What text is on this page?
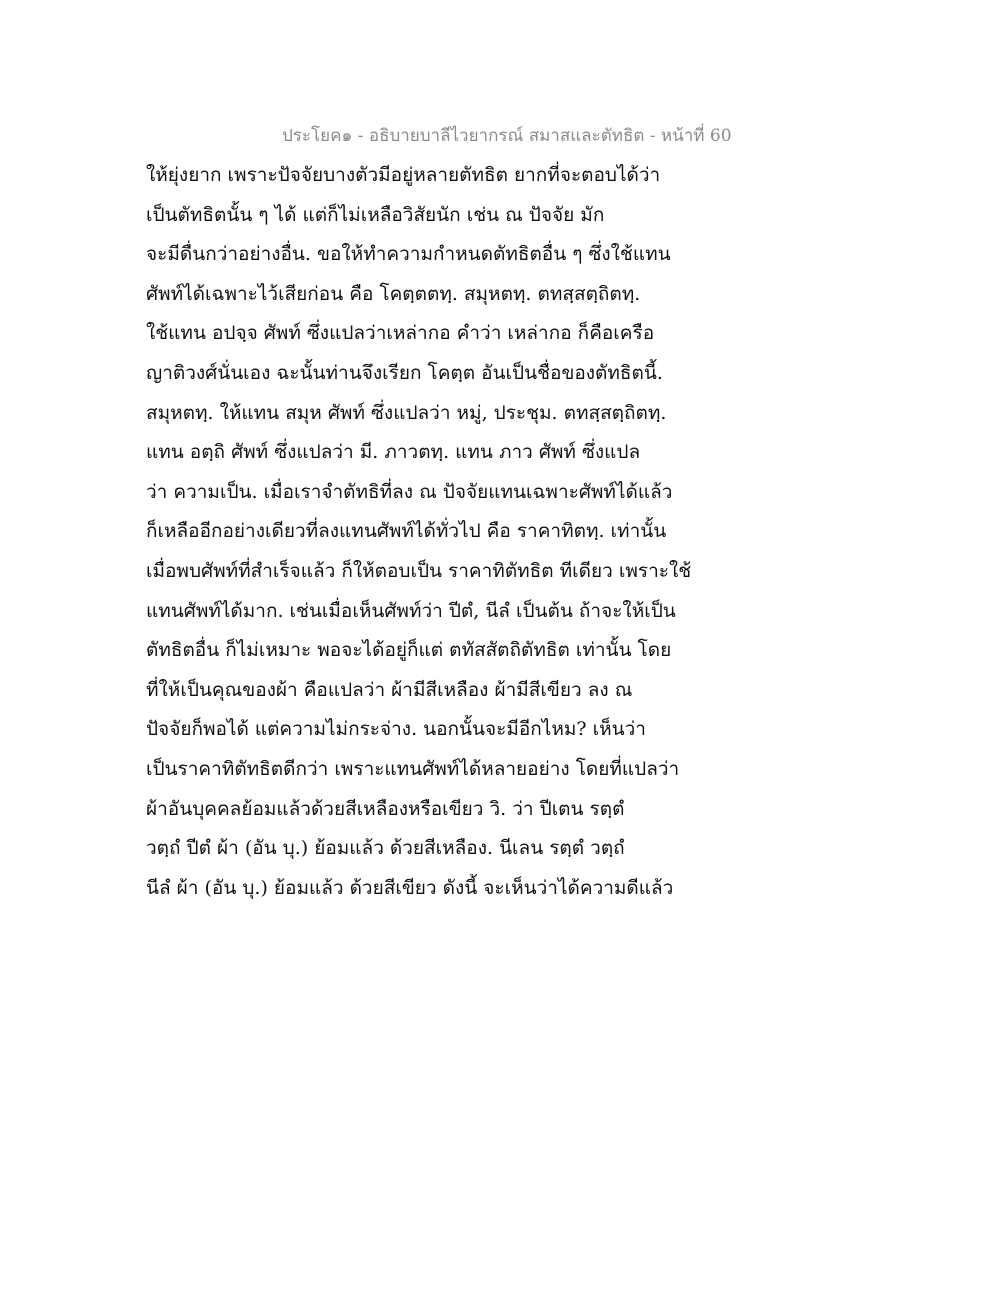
ประโยค๑ - อธิบายบาลีไวยากรณ์ สมาสและตัทธิต - หน้าที่ 60
ให้ยุ่งยาก เพราะปัจจัยบางตัวมีอยู่หลายตัทธิต ยากที่จะตอบได้ว่า
เป็นตัทธิตนั้น ๆ ได้ แต่ก็ไม่เหลือวิสัยนัก เช่น ณ ปัจจัย มัก
จะมีดื่นกว่าอย่างอื่น. ขอให้ทำความกำหนดตัทธิตอื่น ๆ ซึ่งใช้แทน
ศัพท์ได้เฉพาะไว้เสียก่อน คือ โคตฺตตทฺ. สมุหตทฺ. ตทสฺสตฺถิตทฺ.
ใช้แทน อปจฺจ ศัพท์ ซึ่งแปลว่าเหล่ากอ คำว่า เหล่ากอ ก็คือเครือ
ญาติวงศ์นั่นเอง ฉะนั้นท่านจึงเรียก โคตฺต อันเป็นชื่อของตัทธิตนี้.
สมุหตทฺ. ให้แทน สมุห ศัพท์ ซึ่งแปลว่า หมู่, ประชุม. ตทสฺสตฺถิตทฺ.
แทน อตฺถิ ศัพท์ ซึ่งแปลว่า มี. ภาวตทฺ. แทน ภาว ศัพท์ ซึ่งแปล
ว่า ความเป็น. เมื่อเราจำตัทธิที่ลง ณ ปัจจัยแทนเฉพาะศัพท์ได้แล้ว
ก็เหลืออีกอย่างเดียวที่ลงแทนศัพท์ได้ทั่วไป คือ ราคาทิตทฺ. เท่านั้น
เมื่อพบศัพท์ที่สำเร็จแล้ว ก็ให้ตอบเป็น ราคาทิตัทธิต ทีเดียว เพราะใช้
แทนศัพท์ได้มาก. เช่นเมื่อเห็นศัพท์ว่า ปีตํ, นีลํ เป็นต้น ถ้าจะให้เป็น
ตัทธิตอื่น ก็ไม่เหมาะ พอจะได้อยู่ก็แต่ ตทัสสัตถิตัทธิต เท่านั้น โดย
ที่ให้เป็นคุณของผ้า คือแปลว่า ผ้ามีสีเหลือง ผ้ามีสีเขียว ลง ณ
ปัจจัยก็พอได้ แต่ความไม่กระจ่าง. นอกนั้นจะมีอีกไหม? เห็นว่า
เป็นราคาทิตัทธิตดีกว่า เพราะแทนศัพท์ได้หลายอย่าง โดยที่แปลว่า
ผ้าอันบุคคลย้อมแล้วด้วยสีเหลืองหรือเขียว วิ. ว่า ปีเตน รตฺตํ
วตฺถํ ปีตํ ผ้า (อัน บุ.) ย้อมแล้ว ด้วยสีเหลือง. นีเลน รตฺตํ วตฺถํ
นีลํ ผ้า (อัน บุ.) ย้อมแล้ว ด้วยสีเขียว ดังนี้ จะเห็นว่าได้ความดีแล้ว
